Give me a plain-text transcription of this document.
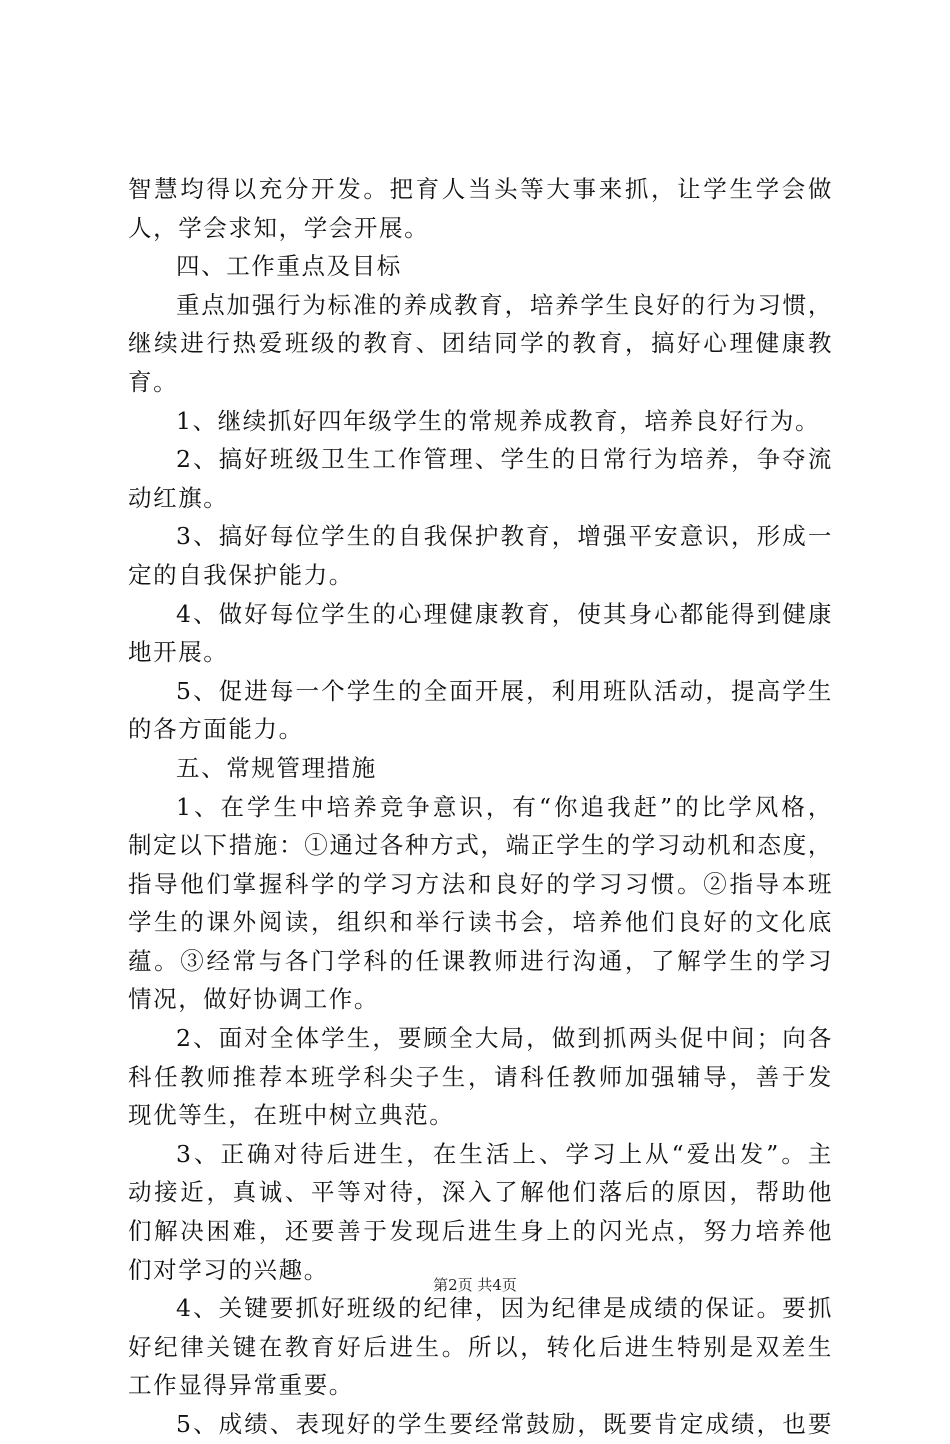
智慧均得以充分开发。把育人当头等大事来抓，让学生学会做
人，学会求知，学会开展。
四、工作重点及目标
重点加强行为标准的养成教育，培养学生良好的行为习惯，
继续进行热爱班级的教育、团结同学的教育，搞好心理健康教
育。
1、继续抓好四年级学生的常规养成教育，培养良好行为。
2、搞好班级卫生工作管理、学生的日常行为培养，争夺流
动红旗。
3、搞好每位学生的自我保护教育，增强平安意识，形成一
定的自我保护能力。
4、做好每位学生的心理健康教育，使其身心都能得到健康
地开展。
5、促进每一个学生的全面开展，利用班队活动，提高学生
的各方面能力。
五、常规管理措施
1、在学生中培养竞争意识，有“你追我赶”的比学风格，
制定以下措施：①通过各种方式，端正学生的学习动机和态度，
指导他们掌握科学的学习方法和良好的学习习惯。②指导本班
学生的课外阅读，组织和举行读书会，培养他们良好的文化底
蕴。③经常与各门学科的任课教师进行沟通，了解学生的学习
情况，做好协调工作。
2、面对全体学生，要顾全大局，做到抓两头促中间；向各
科任教师推荐本班学科尖子生，请科任教师加强辅导，善于发
现优等生，在班中树立典范。
3、正确对待后进生，在生活上、学习上从“爱出发”。主
动接近，真诚、平等对待，深入了解他们落后的原因，帮助他
们解决困难，还要善于发现后进生身上的闪光点，努力培养他
们对学习的兴趣。
4、关键要抓好班级的纪律，因为纪律是成绩的保证。要抓
好纪律关键在教育好后进生。所以，转化后进生特别是双差生
工作显得异常重要。
5、成绩、表现好的学生要经常鼓励，既要肯定成绩，也要
第2页 共4页
